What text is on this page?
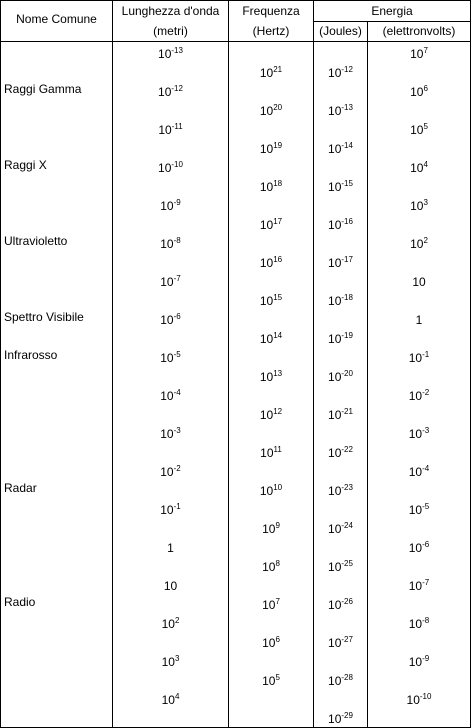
Nome Comune
Lunghezza d'onda
(metri)
Frequenza
(Hertz)
Energia
(Joules)	(elettronvolts)
Raggi Gamma
Raggi X
Ultravioletto
Spettro Visibile
Infrarosso
Radar
Radio
$10^{-13}$
$10^{-12}$
$10^{-11}$
$10^{-10}$
$10^{-9}$
$10^{-8}$
$10^{-7}$
$10^{-6}$
$10^{-5}$
$10^{-4}$
$10^{-3}$
$10^{-2}$
$10^{-1}$
1
10
$10^2$
$10^3$
$10^4$
$10^{21}$
$10^{20}$
$10^{19}$
$10^{18}$
$10^{17}$
$10^{16}$
$10^{15}$
$10^{14}$
$10^{13}$
$10^{12}$
$10^{11}$
$10^{10}$
$10^9$
$10^8$
$10^7$
$10^6$
$10^5$
$10^{-12}$
$10^{-13}$
$10^{-14}$
$10^{-15}$
$10^{-16}$
$10^{-17}$
$10^{-18}$
$10^{-19}$
$10^{-20}$
$10^{-21}$
$10^{-22}$
$10^{-23}$
$10^{-24}$
$10^{-25}$
$10^{-26}$
$10^{-27}$
$10^{-28}$
$10^{-29}$
$10^7$
$10^6$
$10^5$
$10^4$
$10^3$
$10^2$
10
1
$10^{-1}$
$10^{-2}$
$10^{-3}$
$10^{-4}$
$10^{-5}$
$10^{-6}$
$10^{-7}$
$10^{-8}$
$10^{-9}$
$10^{-10}$
